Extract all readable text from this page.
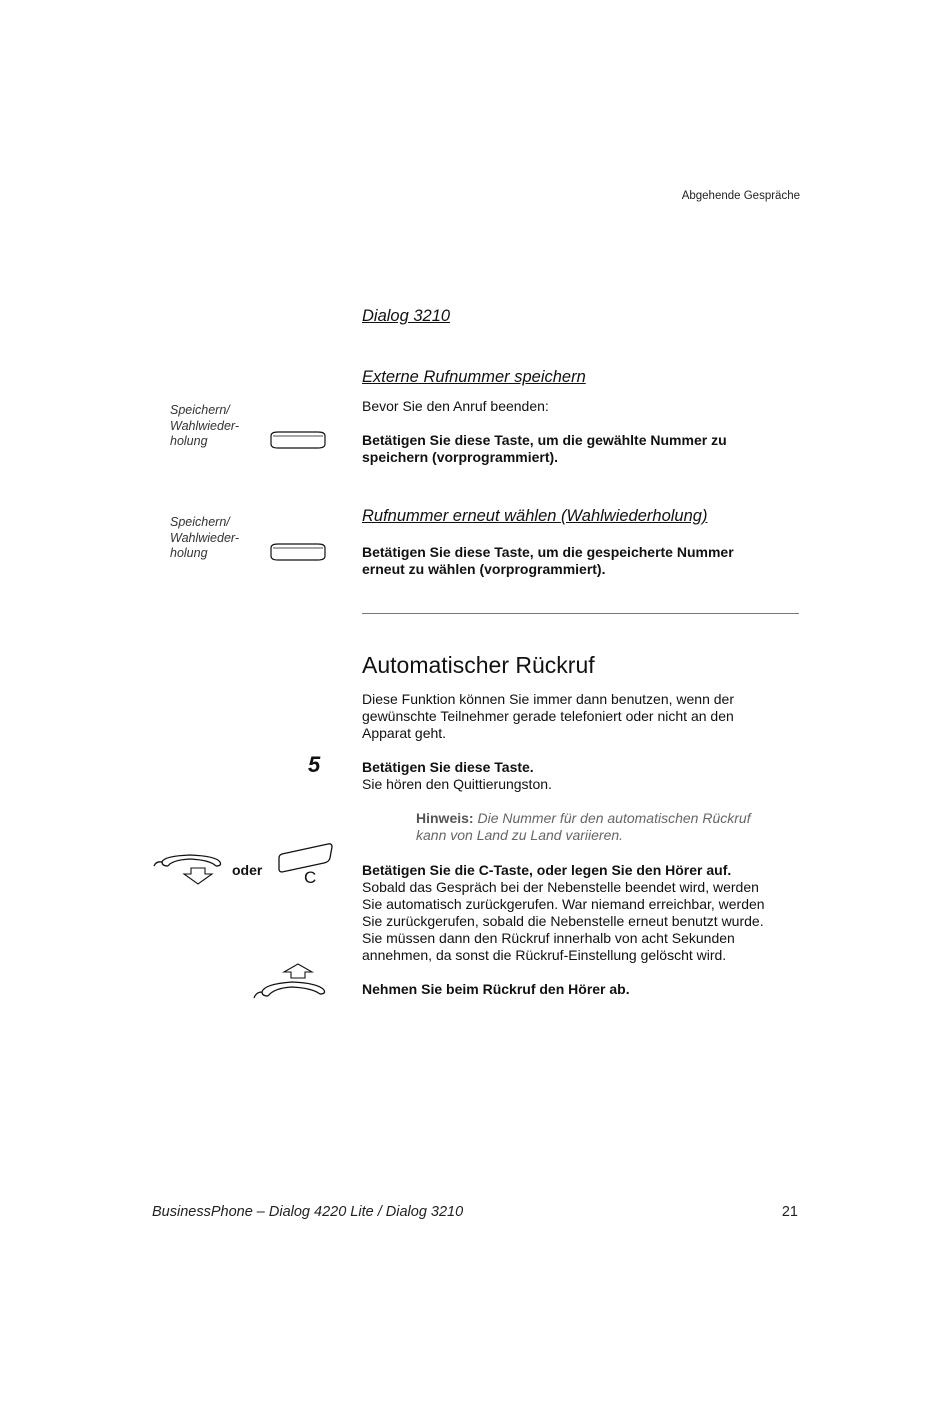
Abgehende Gespräche
Dialog 3210
Externe Rufnummer speichern
Speichern/
Wahlwieder-
holung
Bevor Sie den Anruf beenden:
Betätigen Sie diese Taste, um die gewählte Nummer zu
speichern (vorprogrammiert).
Rufnummer erneut wählen (Wahlwiederholung)
Speichern/
Wahlwieder-
holung	Betätigen Sie diese Taste, um die gespeicherte Nummer
erneut zu wählen (vorprogrammiert).
Automatischer Rückruf
Diese Funktion können Sie immer dann benutzen, wenn der
gewünschte Teilnehmer gerade telefoniert oder nicht an den
Apparat geht.
5	Betätigen Sie diese Taste.
Sie hören den Quittierungston.
Hinweis: Die Nummer für den automatischen Rückruf
kann von Land zu Land variieren.
oder C	Betätigen Sie die C-Taste, oder legen Sie den Hörer auf.
Sobald das Gespräch bei der Nebenstelle beendet wird, werden
Sie automatisch zurückgerufen. War niemand erreichbar, werden
Sie zurückgerufen, sobald die Nebenstelle erneut benutzt wurde.
Sie müssen dann den Rückruf innerhalb von acht Sekunden
annehmen, da sonst die Rückruf-Einstellung gelöscht wird.
Nehmen Sie beim Rückruf den Hörer ab.
BusinessPhone – Dialog 4220 Lite / Dialog 3210	21
